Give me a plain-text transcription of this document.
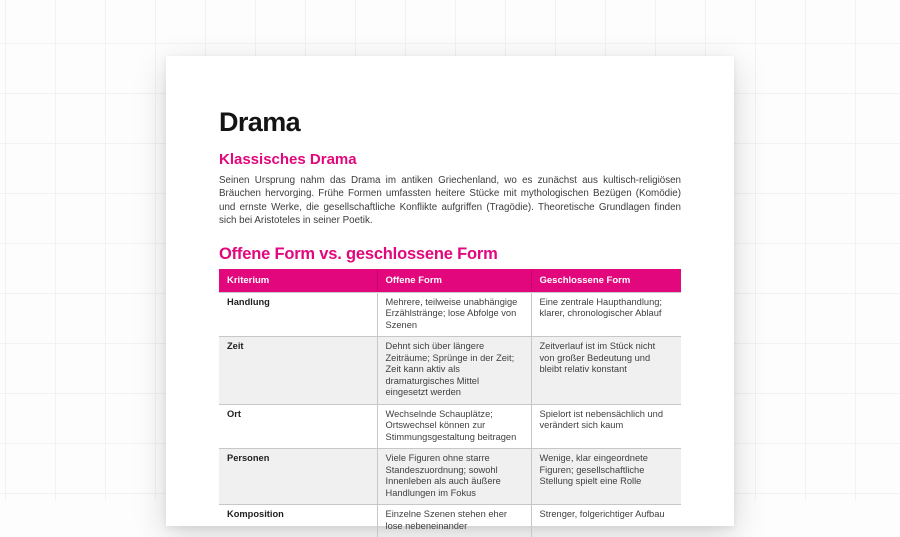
Drama
Klassisches Drama

Seinen Ursprung nahm das Drama im antiken Griechenland, wo es zunächst aus kultisch-religiösen Bräuchen hervorging. Frühe Formen umfassten heitere Stücke mit mythologischen Bezügen (Komödie) und ernste Werke, die gesellschaftliche Konflikte aufgriffen (Tragödie). Theoretische Grundlagen finden sich bei Aristoteles in seiner Poetik.

Offene Form vs. geschlossene Form
Kriterium	Offene Form	Geschlossene Form
Handlung	Mehrere, teilweise unabhängige Erzählstränge; lose Abfolge von Szenen	Eine zentrale Haupthandlung; klarer, chronologischer Ablauf
Zeit	Dehnt sich über längere Zeiträume; Sprünge in der Zeit; Zeit kann aktiv als dramaturgisches Mittel eingesetzt werden	Zeitverlauf ist im Stück nicht von großer Bedeutung und bleibt relativ konstant
Ort	Wechselnde Schauplätze; Ortswechsel können zur Stimmungsgestaltung beitragen	Spielort ist nebensächlich und verändert sich kaum
Personen	Viele Figuren ohne starre Standeszuordnung; sowohl Innenleben als auch äußere Handlungen im Fokus	Wenige, klar eingeordnete Figuren; gesellschaftliche Stellung spielt eine Rolle
Komposition	Einzelne Szenen stehen eher lose nebeneinander	Strenger, folgerichtiger Aufbau
